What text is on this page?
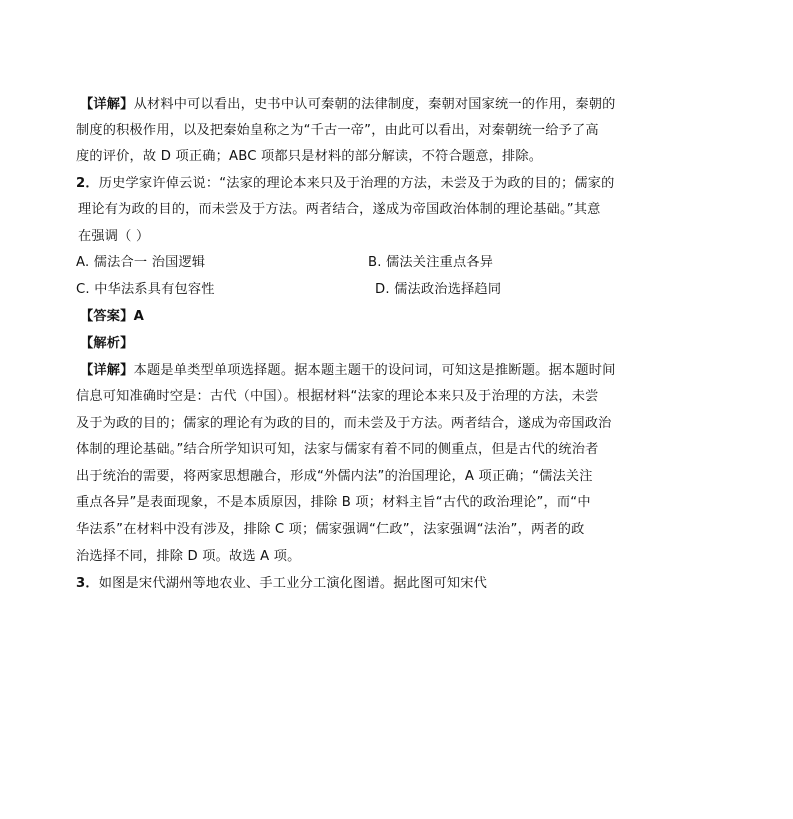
【详解】从材料中可以看出，史书中认可秦朝的法律制度，秦朝对国家统一的作用，秦朝的
制度的积极作用，以及把秦始皇称之为“千古一帝”，由此可以看出，对秦朝统一给予了高
度的评价，故 D 项正确；ABC 项都只是材料的部分解读，不符合题意，排除。
2．历史学家许倬云说：“法家的理论本来只及于治理的方法，未尝及于为政的目的；儒家的
理论有为政的目的，而未尝及于方法。两者结合，遂成为帝国政治体制的理论基础。”其意
在强调（ ）
A. 儒法合一 治国逻辑	B. 儒法关注重点各异
C. 中华法系具有包容性	D. 儒法政治选择趋同
【答案】A
【解析】
【详解】本题是单类型单项选择题。据本题主题干的设问词，可知这是推断题。据本题时间
信息可知准确时空是：古代（中国）。根据材料“法家的理论本来只及于治理的方法，未尝
及于为政的目的；儒家的理论有为政的目的，而未尝及于方法。两者结合，遂成为帝国政治
体制的理论基础。”结合所学知识可知，法家与儒家有着不同的侧重点，但是古代的统治者
出于统治的需要，将两家思想融合，形成“外儒内法”的治国理论，A 项正确；“儒法关注
重点各异”是表面现象，不是本质原因，排除 B 项；材料主旨“古代的政治理论”，而“中
华法系”在材料中没有涉及，排除 C 项；儒家强调“仁政”，法家强调“法治”，两者的政
治选择不同，排除 D 项。故选 A 项。
3．如图是宋代湖州等地农业、手工业分工演化图谱。据此图可知宋代
